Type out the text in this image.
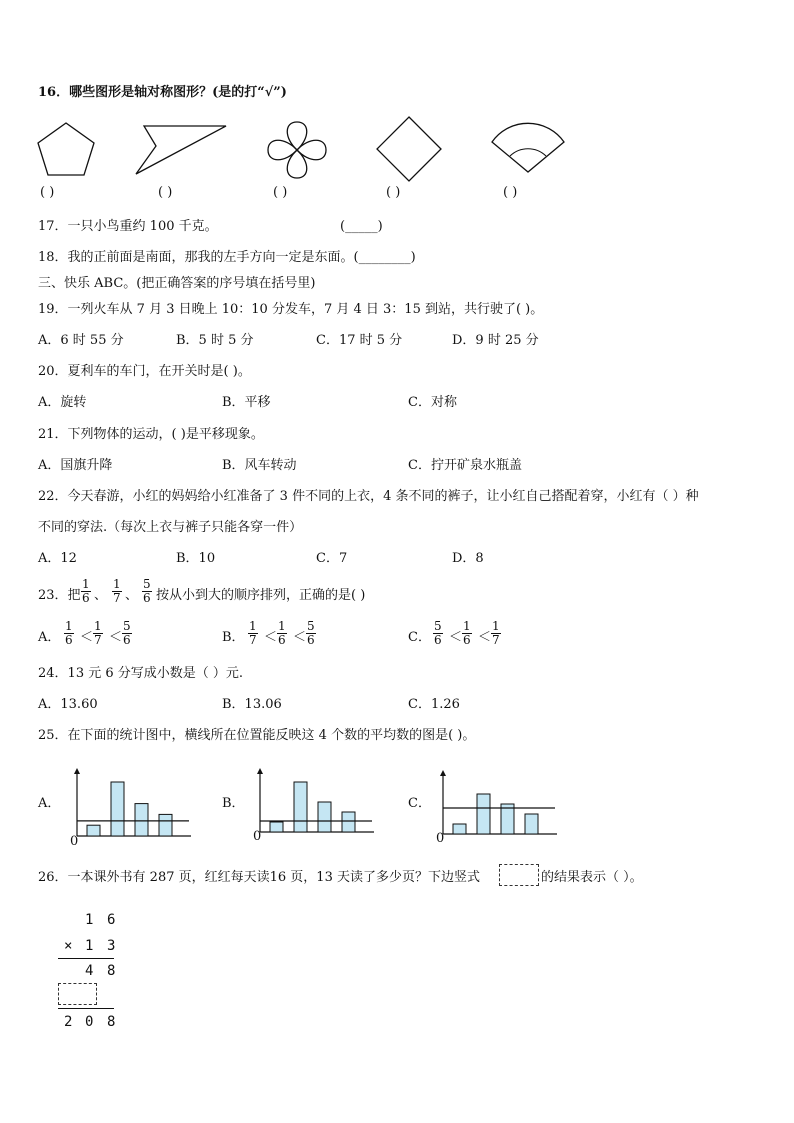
16．哪些图形是轴对称图形？(是的打“√”)
( )	( )	( )	( )	( )
17．一只小鸟重约 100 千克。	(_____)
18．我的正前面是南面，那我的左手方向一定是东面。(________)
三、快乐 ABC。(把正确答案的序号填在括号里)
19．一列火车从 7 月 3 日晚上 10：10 分发车，7 月 4 日 3：15 到站，共行驶了( )。
A．6 时 55 分	B．5 时 5 分	C．17 时 5 分	D．9 时 25 分
20．夏利车的车门，在开关时是( )。
A．旋转	B．平移	C．对称
21．下列物体的运动，( )是平移现象。
A．国旗升降	B．风车转动	C．拧开矿泉水瓶盖
22．今天春游，小红的妈妈给小红准备了 3 件不同的上衣，4 条不同的裤子，让小红自己搭配着穿，小红有（ ）种
不同的穿法.（每次上衣与裤子只能各穿一件）
A．12	B．10	C．7	D．8
23．把 $\frac{1}{6}$ 、 $\frac{1}{7}$ 、 $\frac{5}{6}$ 按从小到大的顺序排列，正确的是( )
A． $\frac{1}{6} < \frac{1}{7} < \frac{5}{6}$	B． $\frac{1}{7} < \frac{1}{6} < \frac{5}{6}$	C． $\frac{5}{6} < \frac{1}{6} < \frac{1}{7}$
24．13 元 6 分写成小数是（ ）元.
A．13.60	B．13.06	C．1.26
25．在下面的统计图中，横线所在位置能反映这 4 个数的平均数的图是( )。
A．	B．	C．
0	0	0
26．一本课外书有 287 页，红红每天读16 页，13 天读了多少页？下边竖式	的结果表示（ ）。
1 6
× 1 3
4 8
2 0 8
